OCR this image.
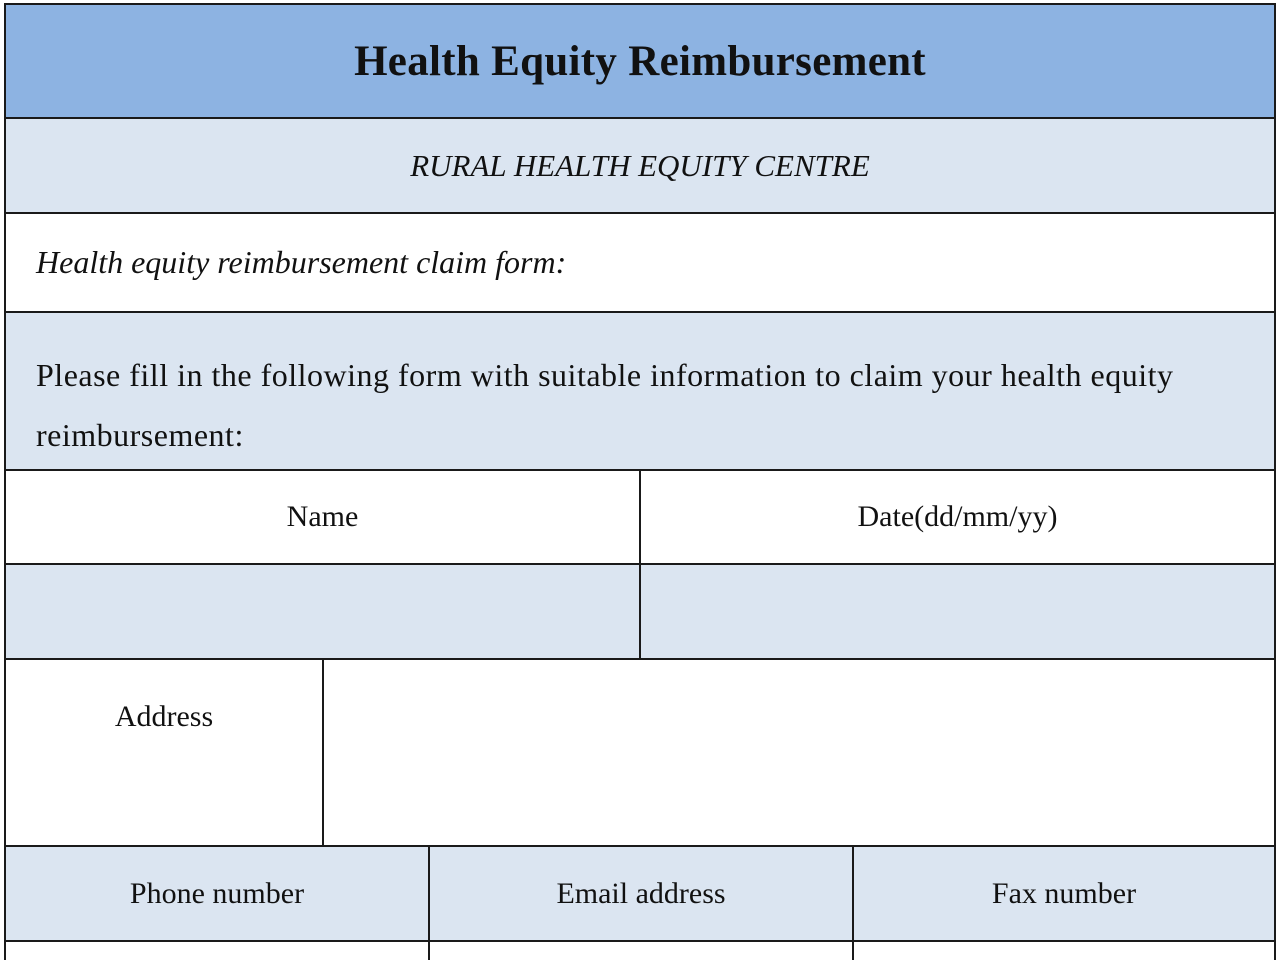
Health Equity Reimbursement
RURAL HEALTH EQUITY CENTRE
Health equity reimbursement claim form:

Please fill in the following form with suitable information to claim your health equity reimbursement:

Name	Date(dd/mm/yy)
Address
Phone number	Email address	Fax number
